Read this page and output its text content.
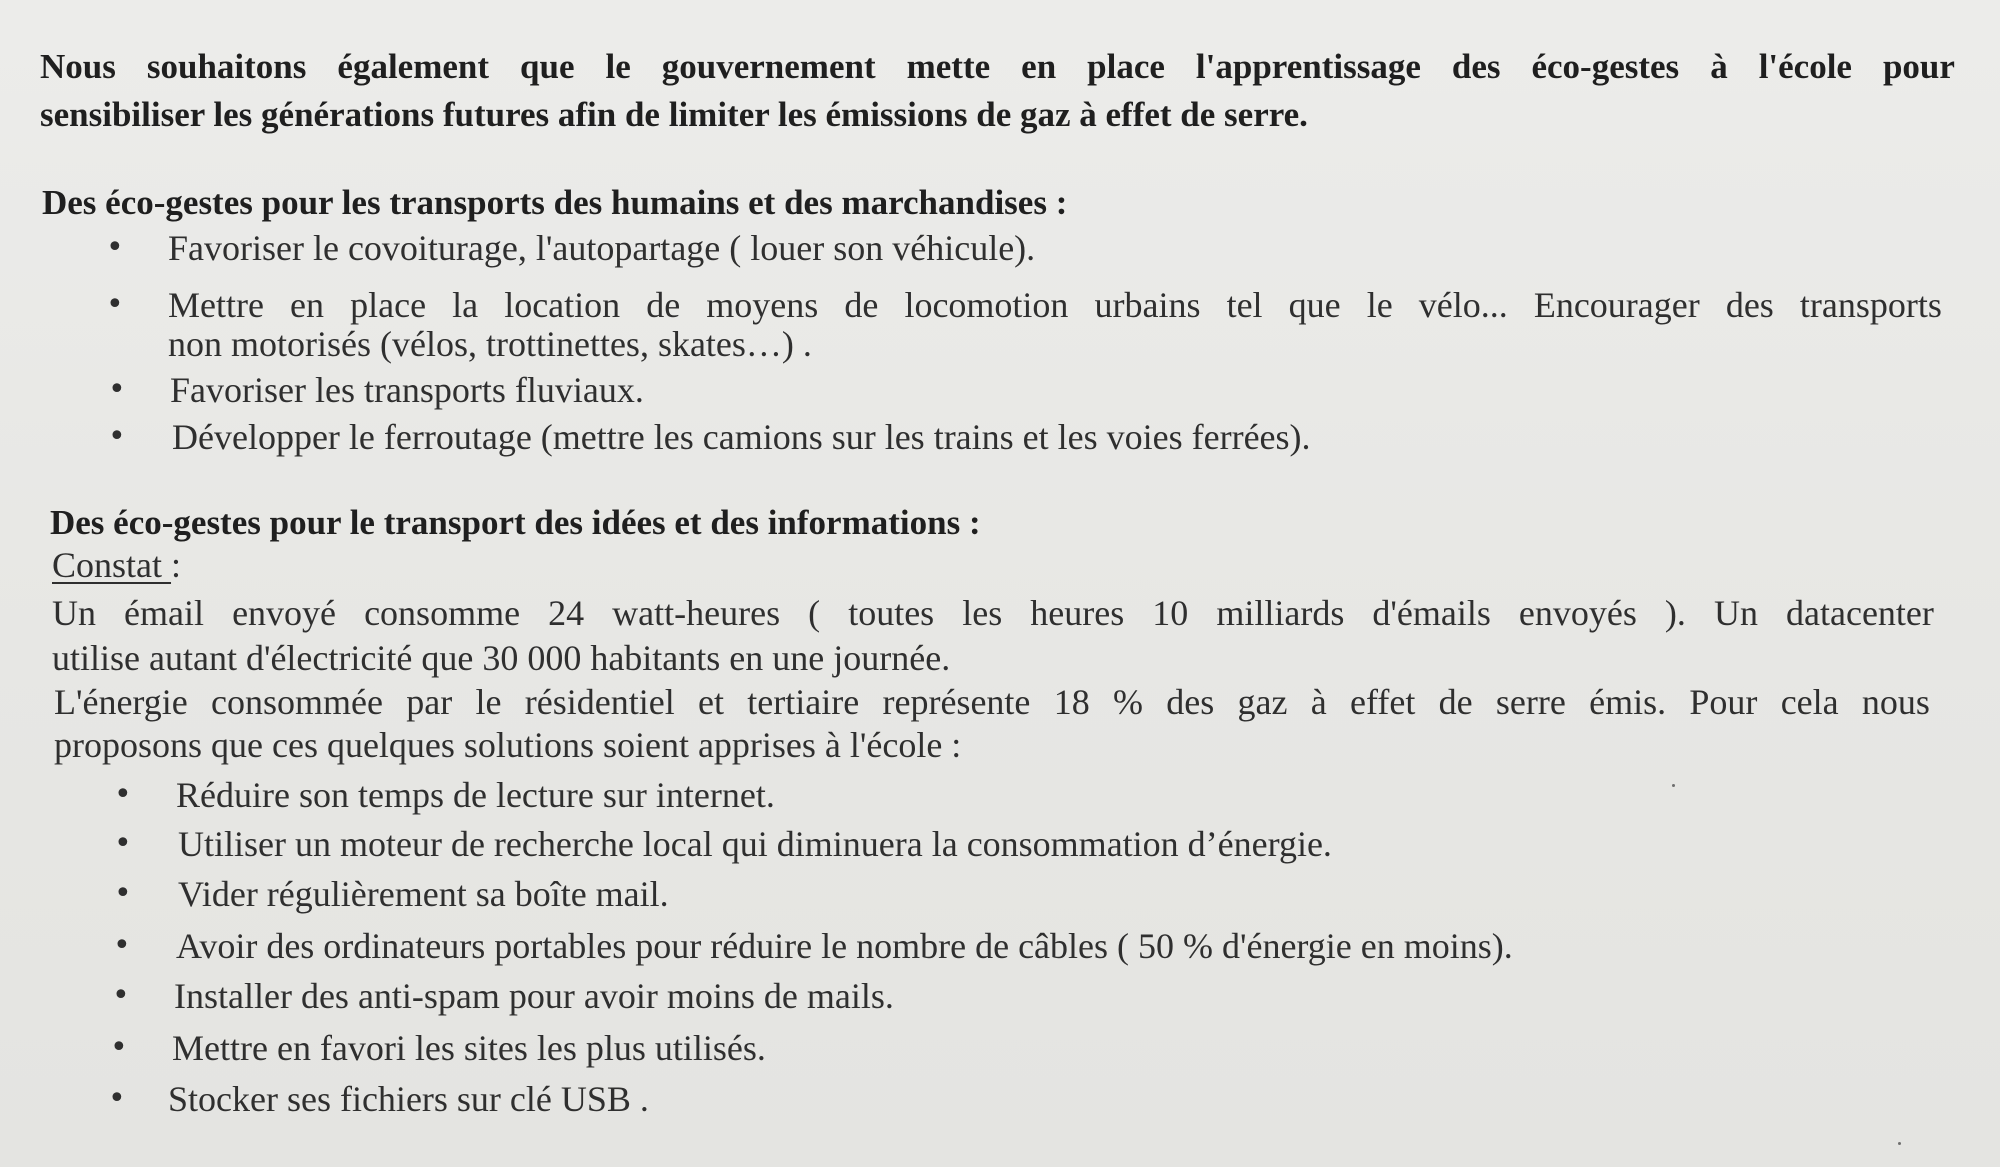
Nous souhaitons également que le gouvernement mette en place l'apprentissage des éco-gestes à l'école pour
sensibiliser les générations futures afin de limiter les émissions de gaz à effet de serre.
Des éco-gestes pour les transports des humains et des marchandises :
• Favoriser le covoiturage, l'autopartage ( louer son véhicule).
• Mettre en place la location de moyens de locomotion urbains tel que le vélo... Encourager des transports
non motorisés (vélos, trottinettes, skates…) .
• Favoriser les transports fluviaux.
• Développer le ferroutage (mettre les camions sur les trains et les voies ferrées).
Des éco-gestes pour le transport des idées et des informations :
Constat :
Un émail envoyé consomme 24 watt-heures ( toutes les heures 10 milliards d'émails envoyés ). Un datacenter
utilise autant d'électricité que 30 000 habitants en une journée.
L'énergie consommée par le résidentiel et tertiaire représente 18 % des gaz à effet de serre émis. Pour cela nous
proposons que ces quelques solutions soient apprises à l'école :
• Réduire son temps de lecture sur internet.
• Utiliser un moteur de recherche local qui diminuera la consommation d’énergie.
• Vider régulièrement sa boîte mail.
• Avoir des ordinateurs portables pour réduire le nombre de câbles ( 50 % d'énergie en moins).
• Installer des anti-spam pour avoir moins de mails.
• Mettre en favori les sites les plus utilisés.
• Stocker ses fichiers sur clé USB .
